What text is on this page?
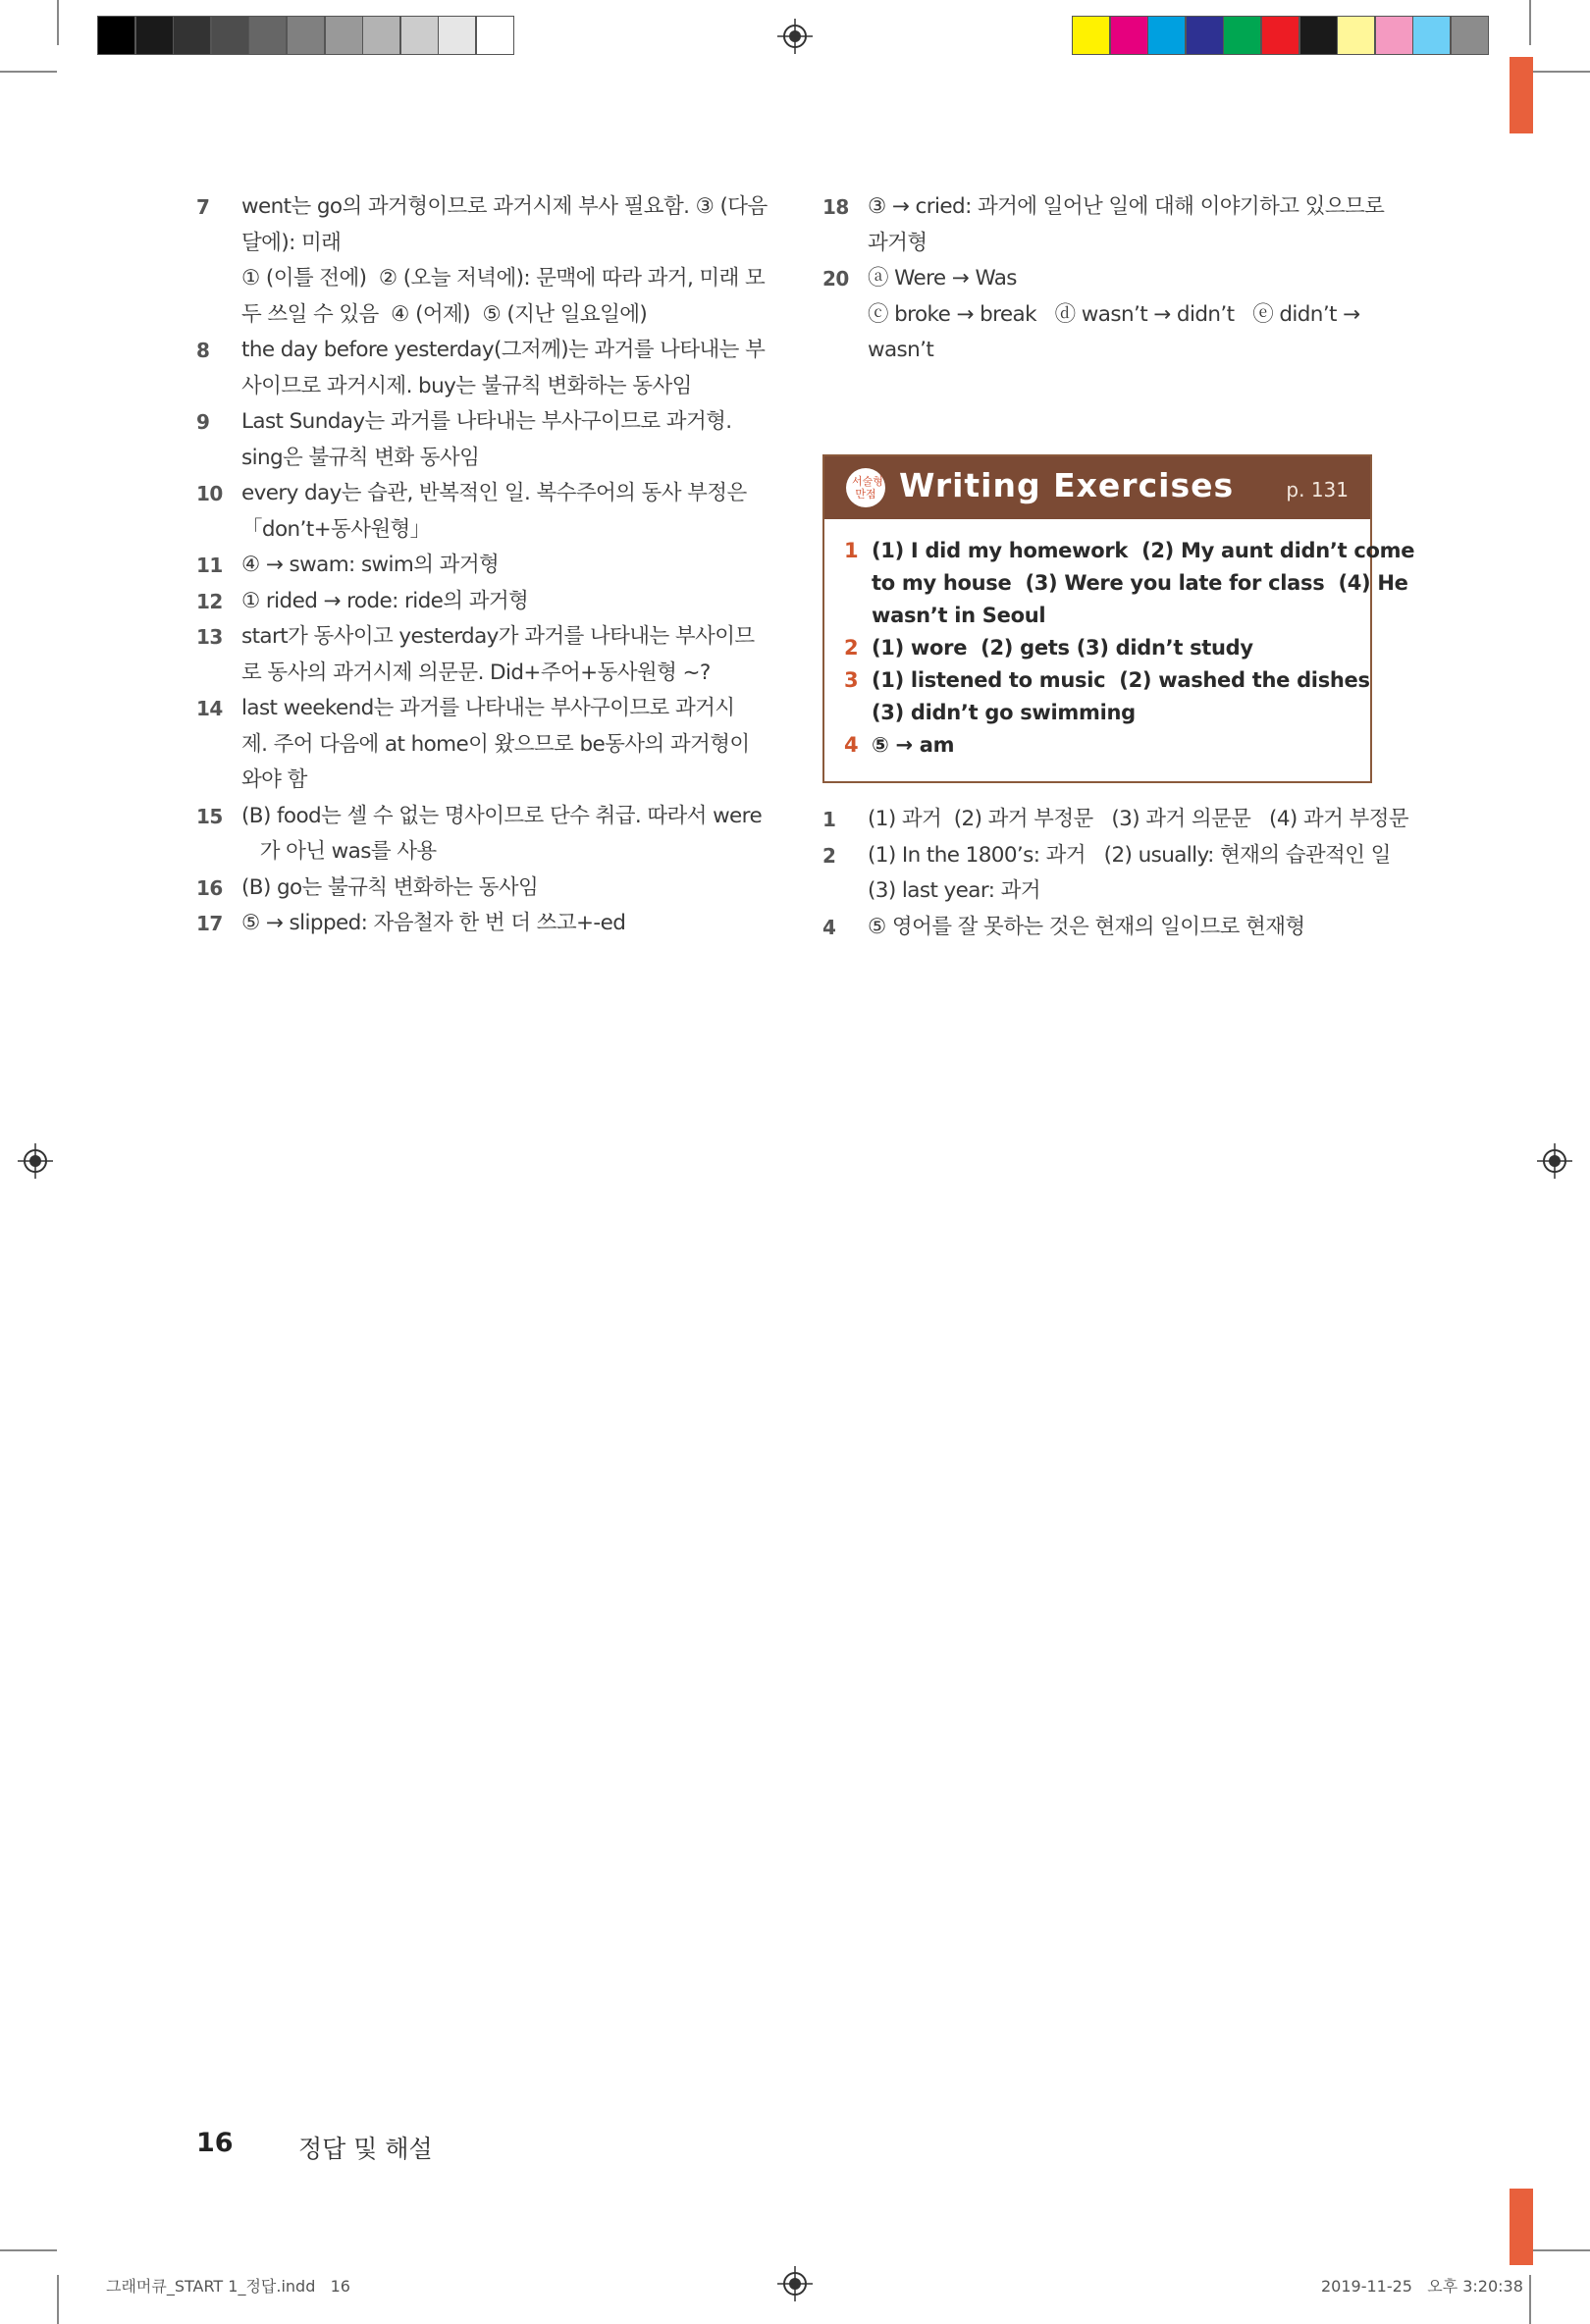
7 went는 go의 과거형이므로 과거시제 부사 필요함. ③ (다음
달에): 미래
① (이틀 전에)  ② (오늘 저녁에): 문맥에 따라 과거, 미래 모
두 쓰일 수 있음  ④ (어제)  ⑤ (지난 일요일에)
8 the day before yesterday(그저께)는 과거를 나타내는 부
사이므로 과거시제. buy는 불규칙 변화하는 동사임
9 Last Sunday는 과거를 나타내는 부사구이므로 과거형.
sing은 불규칙 변화 동사임
10 every day는 습관, 반복적인 일. 복수주어의 동사 부정은
「don’t+동사원형」
11 ④ → swam: swim의 과거형
12 ① rided → rode: ride의 과거형
13 start가 동사이고 yesterday가 과거를 나타내는 부사이므
로 동사의 과거시제 의문문. Did+주어+동사원형 ~?
14 last weekend는 과거를 나타내는 부사구이므로 과거시
제. 주어 다음에 at home이 왔으므로 be동사의 과거형이
와야 함
15 (B) food는 셀 수 없는 명사이므로 단수 취급. 따라서 were
가 아닌 was를 사용
16 (B) go는 불규칙 변화하는 동사임
17 ⑤ → slipped: 자음철자 한 번 더 쓰고+-ed
18 ③ → cried: 과거에 일어난 일에 대해 이야기하고 있으므로
과거형
20 ⓐ Were → Was
ⓒ broke → break   ⓓ wasn’t → didn’t   ⓔ didn’t →
wasn’t
서술형 만점 Writing Exercises	p. 131
1 (1) I did my homework  (2) My aunt didn’t come
to my house  (3) Were you late for class  (4) He
wasn’t in Seoul
2 (1) wore  (2) gets (3) didn’t study
3 (1) listened to music  (2) washed the dishes
(3) didn’t go swimming
4 ⑤ → am
1 (1) 과거  (2) 과거 부정문   (3) 과거 의문문   (4) 과거 부정문
2 (1) In the 1800’s: 과거   (2) usually: 현재의 습관적인 일
(3) last year: 과거
4 ⑤ 영어를 잘 못하는 것은 현재의 일이므로 현재형
16	정답 및 해설
그래머큐_START 1_정답.indd   16	2019-11-25   오후 3:20:38
